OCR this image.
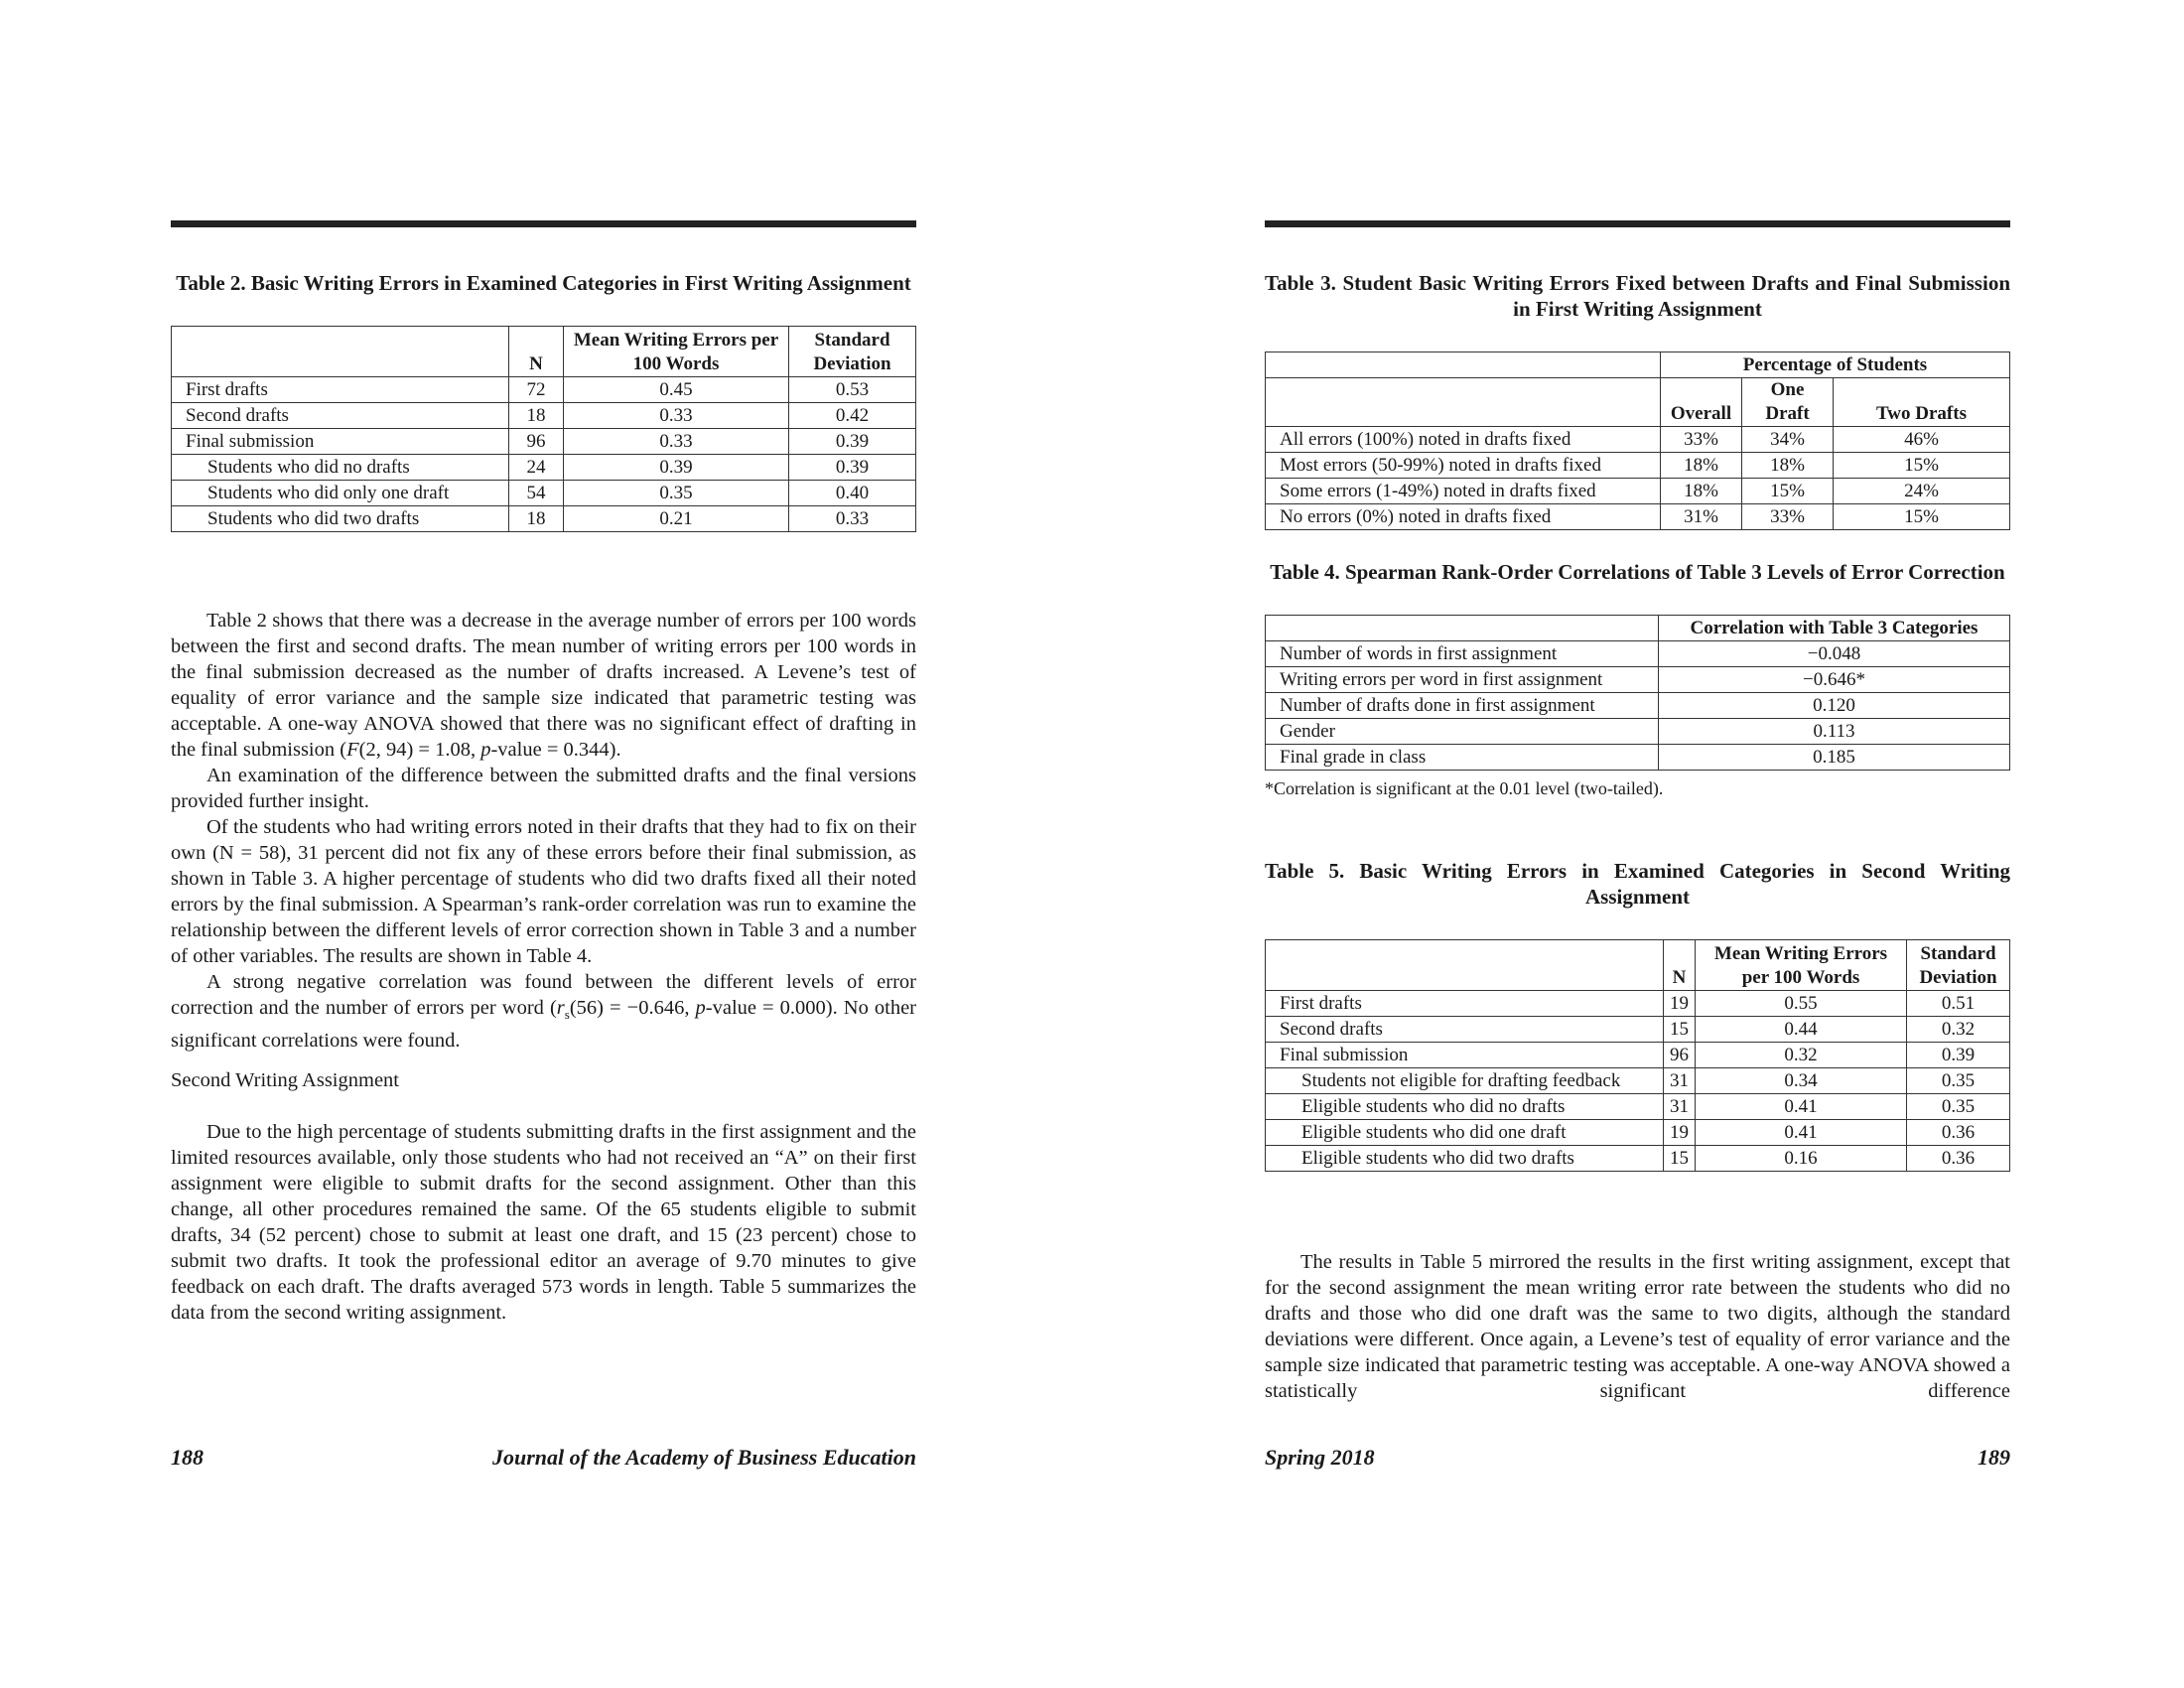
Table 2. Basic Writing Errors in Examined Categories in First Writing Assignment
	N	Mean Writing Errors per 100 Words	Standard Deviation
First drafts	72	0.45	0.53
Second drafts	18	0.33	0.42
Final submission	96	0.33	0.39
Students who did no drafts	24	0.39	0.39
Students who did only one draft	54	0.35	0.40
Students who did two drafts	18	0.21	0.33

Table 2 shows that there was a decrease in the average number of errors per 100 words between the first and second drafts. The mean number of writing errors per 100 words in the final submission decreased as the number of drafts increased. A Levene’s test of equality of error variance and the sample size indicated that parametric testing was acceptable. A one-way ANOVA showed that there was no significant effect of drafting in the final submission (F(2, 94) = 1.08, p-value = 0.344).

An examination of the difference between the submitted drafts and the final versions provided further insight.

Of the students who had writing errors noted in their drafts that they had to fix on their own (N = 58), 31 percent did not fix any of these errors before their final submission, as shown in Table 3. A higher percentage of students who did two drafts fixed all their noted errors by the final submission. A Spearman’s rank-order correlation was run to examine the relationship between the different levels of error correction shown in Table 3 and a number of other variables. The results are shown in Table 4.

A strong negative correlation was found between the different levels of error correction and the number of errors per word ($r_s(56) = -0.646$, p-value = 0.000). No other significant correlations were found.

Second Writing Assignment

Due to the high percentage of students submitting drafts in the first assignment and the limited resources available, only those students who had not received an “A” on their first assignment were eligible to submit drafts for the second assignment. Other than this change, all other procedures remained the same. Of the 65 students eligible to submit drafts, 34 (52 percent) chose to submit at least one draft, and 15 (23 percent) chose to submit two drafts. It took the professional editor an average of 9.70 minutes to give feedback on each draft. The drafts averaged 573 words in length. Table 5 summarizes the data from the second writing assignment.

188	Journal of the Academy of Business Education
Table 3. Student Basic Writing Errors Fixed between Drafts and Final Submission in First Writing Assignment
	Percentage of Students		
	Overall	One Draft	Two Drafts
All errors (100%) noted in drafts fixed	33%	34%	46%
Most errors (50-99%) noted in drafts fixed	18%	18%	15%
Some errors (1-49%) noted in drafts fixed	18%	15%	24%
No errors (0%) noted in drafts fixed	31%	33%	15%
Table 4. Spearman Rank-Order Correlations of Table 3 Levels of Error Correction
	Correlation with Table 3 Categories
Number of words in first assignment	−0.048
Writing errors per word in first assignment	−0.646*
Number of drafts done in first assignment	0.120
Gender	0.113
Final grade in class	0.185
*Correlation is significant at the 0.01 level (two-tailed).
Table 5. Basic Writing Errors in Examined Categories in Second Writing Assignment
	N	Mean Writing Errors per 100 Words	Standard Deviation
First drafts	19	0.55	0.51
Second drafts	15	0.44	0.32
Final submission	96	0.32	0.39
Students not eligible for drafting feedback	31	0.34	0.35
Eligible students who did no drafts	31	0.41	0.35
Eligible students who did one draft	19	0.41	0.36
Eligible students who did two drafts	15	0.16	0.36

The results in Table 5 mirrored the results in the first writing assignment, except that for the second assignment the mean writing error rate between the students who did no drafts and those who did one draft was the same to two digits, although the standard deviations were different. Once again, a Levene’s test of equality of error variance and the sample size indicated that parametric testing was acceptable. A one-way ANOVA showed a statistically significant difference

Spring 2018	189
